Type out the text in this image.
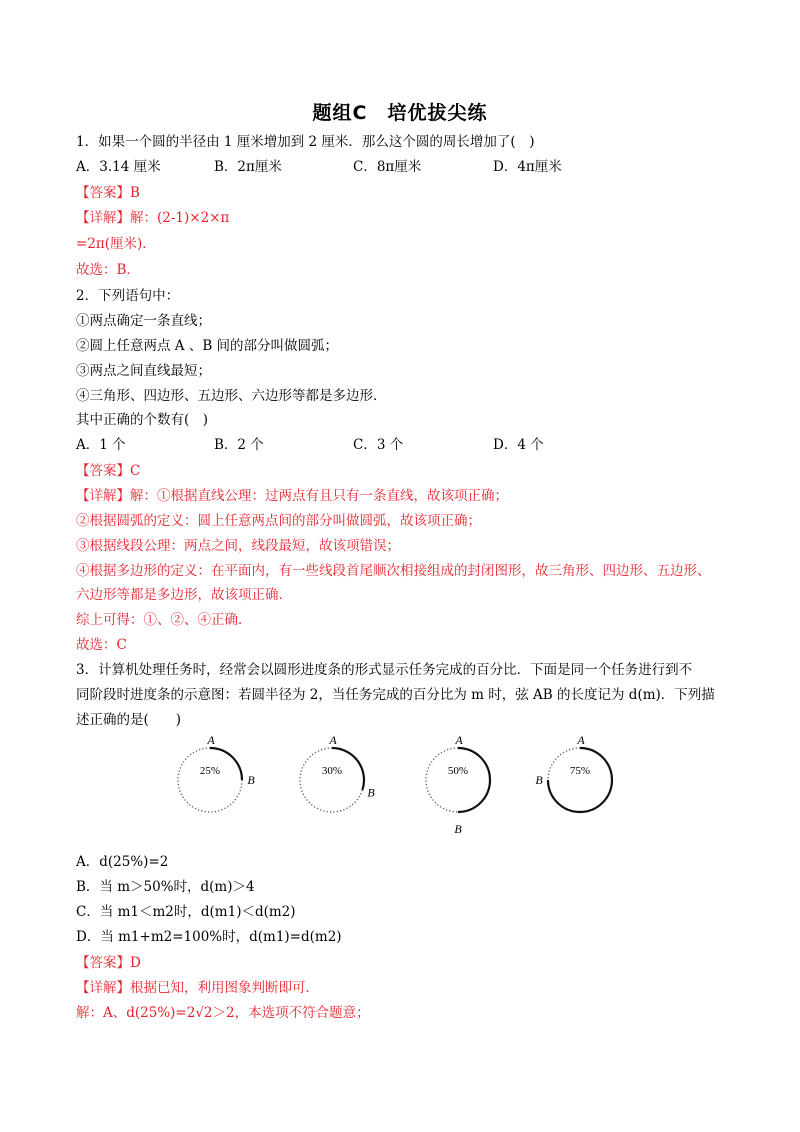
题组C　培优拔尖练
1．如果一个圆的半径由 1 厘米增加到 2 厘米．那么这个圆的周长增加了(　)
A．3.14 厘米	B．2π厘米	C．8π厘米	D．4π厘米
【答案】B
【详解】解：(2-1)×2×π
=2π(厘米)．
故选：B．
2．下列语句中：
①两点确定一条直线；
②圆上任意两点 A 、B 间的部分叫做圆弧；
③两点之间直线最短；
④三角形、四边形、五边形、六边形等都是多边形．
其中正确的个数有(　)
A．1 个	B．2 个	C．3 个	D．4 个
【答案】C
【详解】解：①根据直线公理：过两点有且只有一条直线，故该项正确；
②根据圆弧的定义：圆上任意两点间的部分叫做圆弧，故该项正确；
③根据线段公理：两点之间，线段最短，故该项错误；
④根据多边形的定义：在平面内，有一些线段首尾顺次相接组成的封闭图形，故三角形、四边形、五边形、
六边形等都是多边形，故该项正确．
综上可得：①、②、④正确．
故选：C
3．计算机处理任务时，经常会以圆形进度条的形式显示任务完成的百分比．下面是同一个任务进行到不
同阶段时进度条的示意图：若圆半径为 2，当任务完成的百分比为 m 时，弦 AB 的长度记为 d(m)．下列描
述正确的是(　　)
25%
A
B
30%
A
B
50%
A
B
75%
A
B
A．d(25%)=2
B．当 m＞50%时，d(m)＞4
C．当 m1＜m2时，d(m1)＜d(m2)
D．当 m1+m2=100%时，d(m1)=d(m2)
【答案】D
【详解】根据已知，利用图象判断即可．
解：A、d(25%)=2√2＞2，本选项不符合题意；
